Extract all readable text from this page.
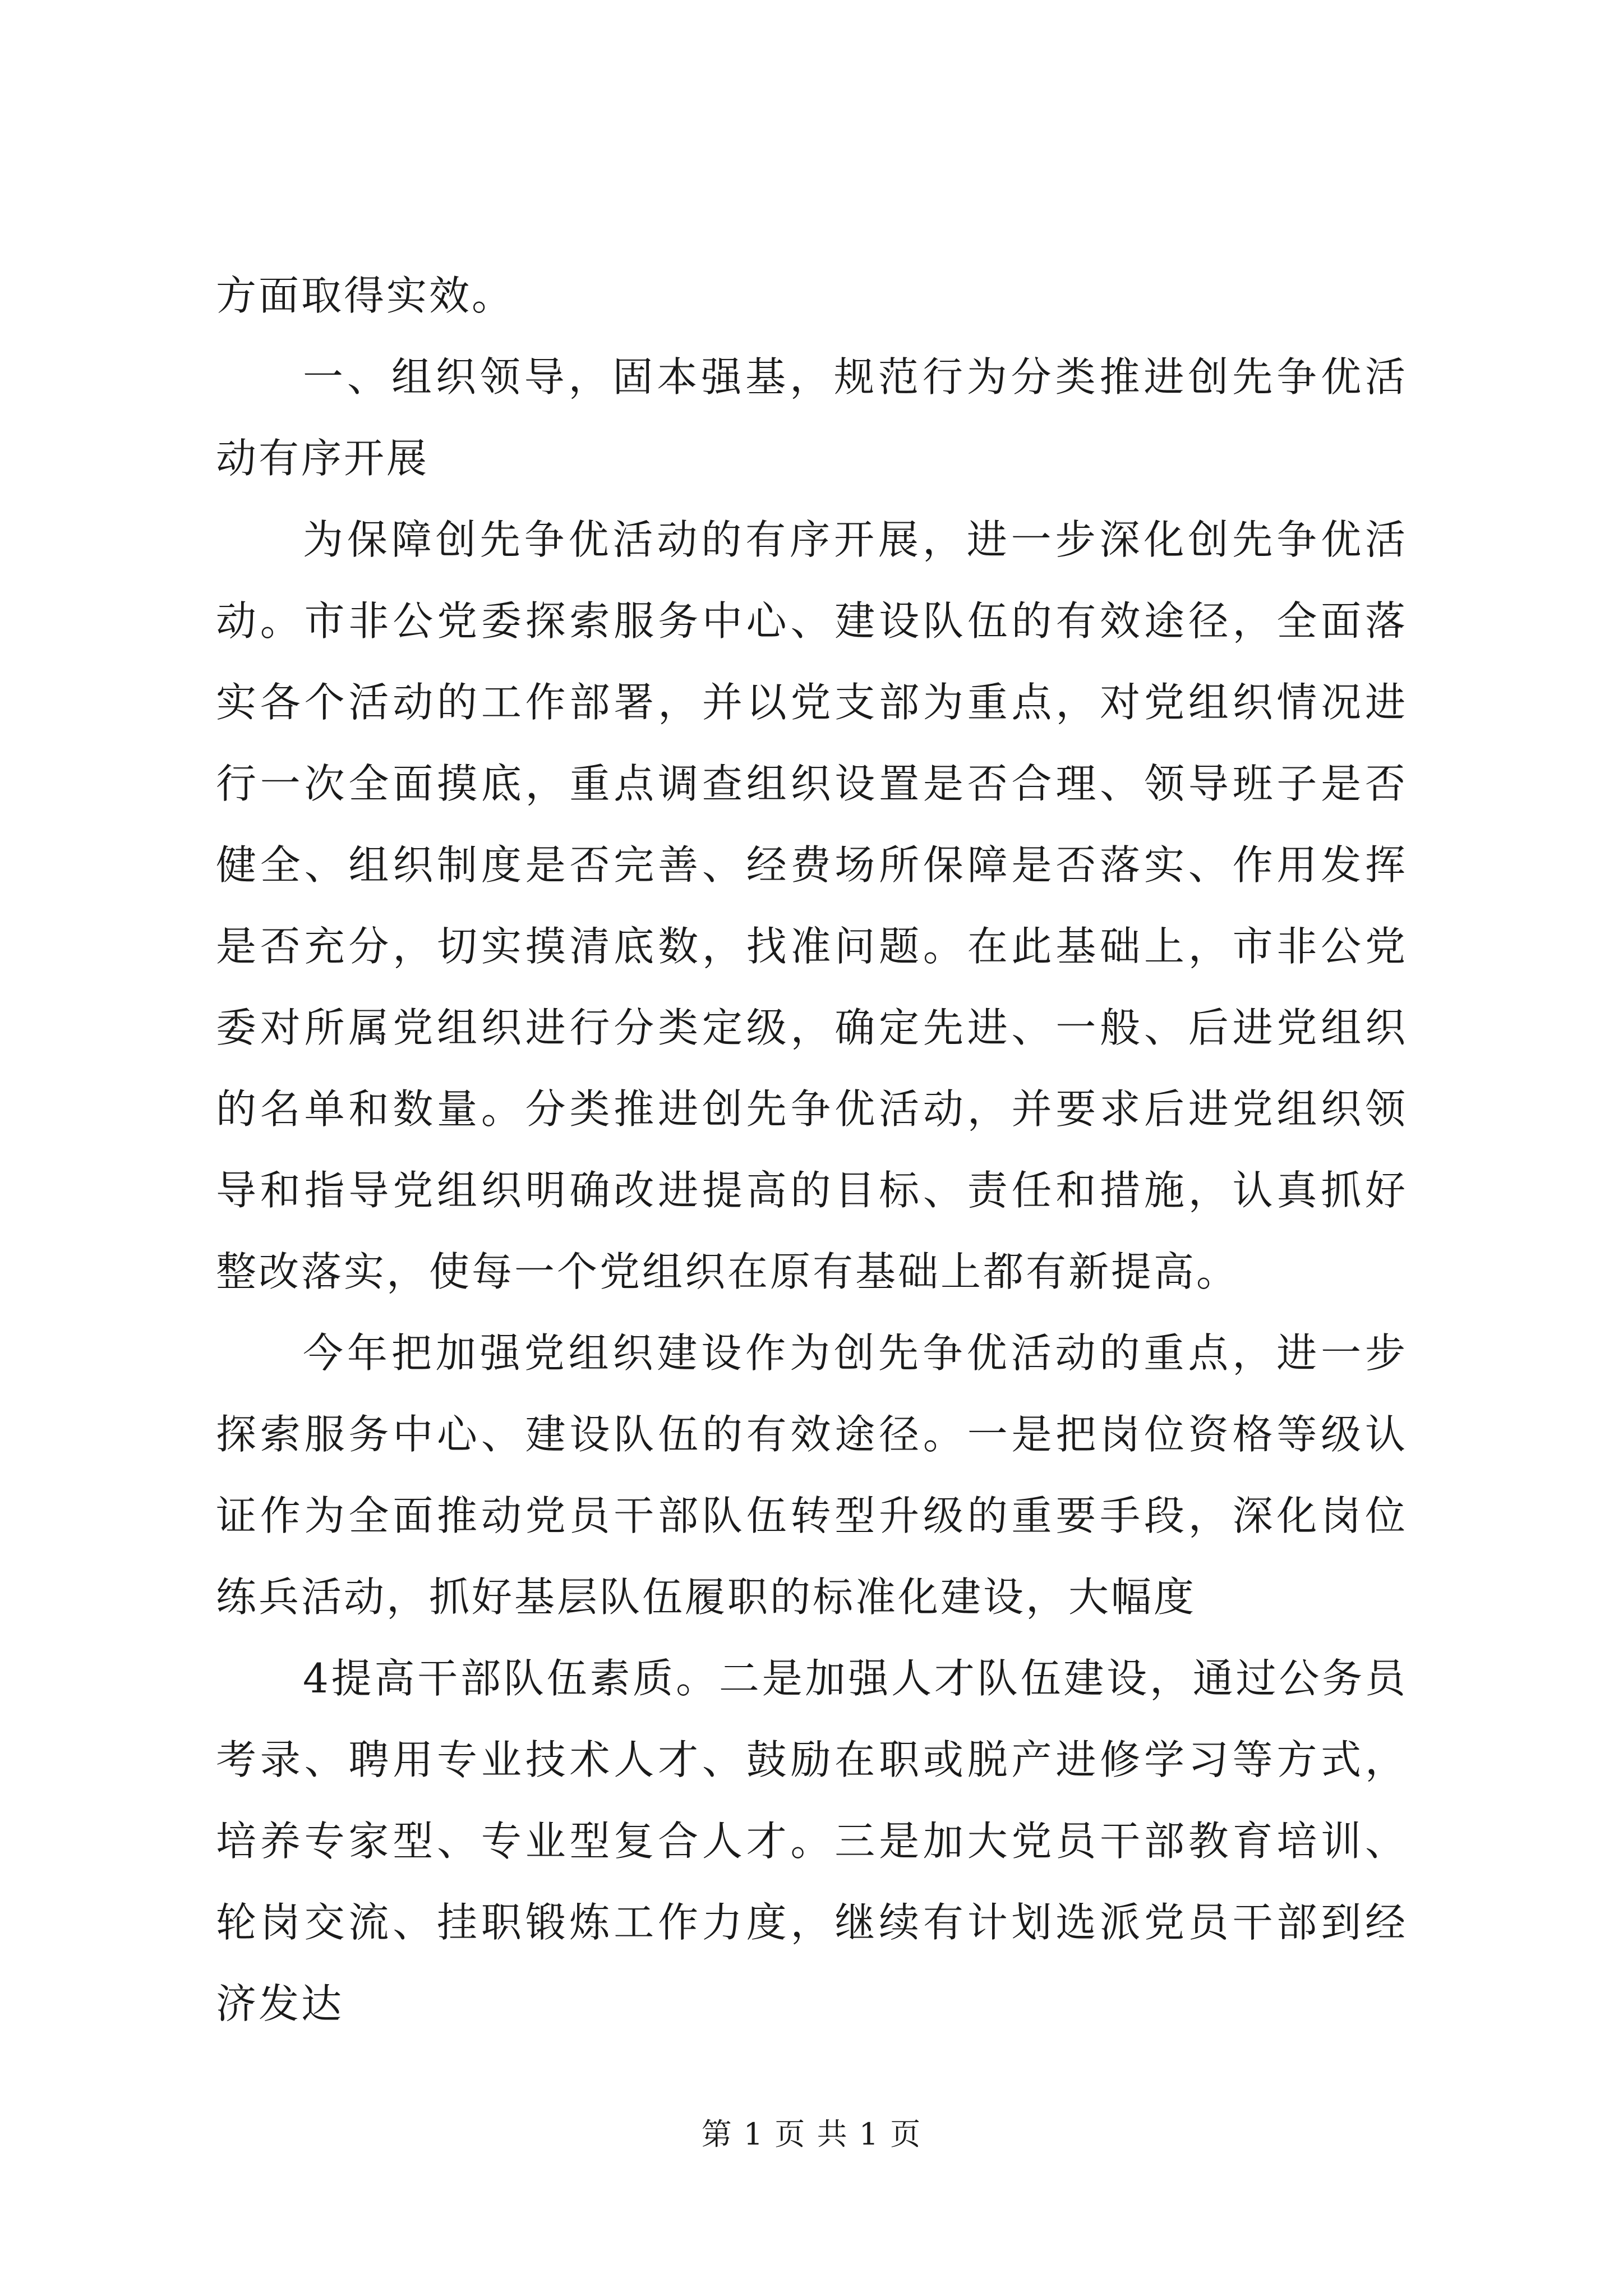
方面取得实效。

一、组织领导，固本强基，规范行为分类推进创先争优活动有序开展

为保障创先争优活动的有序开展，进一步深化创先争优活动。市非公党委探索服务中心、建设队伍的有效途径，全面落实各个活动的工作部署，并以党支部为重点，对党组织情况进行一次全面摸底，重点调查组织设置是否合理、领导班子是否健全、组织制度是否完善、经费场所保障是否落实、作用发挥是否充分，切实摸清底数，找准问题。在此基础上，市非公党委对所属党组织进行分类定级，确定先进、一般、后进党组织的名单和数量。分类推进创先争优活动，并要求后进党组织领导和指导党组织明确改进提高的目标、责任和措施，认真抓好整改落实，使每一个党组织在原有基础上都有新提高。

今年把加强党组织建设作为创先争优活动的重点，进一步探索服务中心、建设队伍的有效途径。一是把岗位资格等级认证作为全面推动党员干部队伍转型升级的重要手段，深化岗位练兵活动，抓好基层队伍履职的标准化建设，大幅度

4提高干部队伍素质。二是加强人才队伍建设，通过公务员考录、聘用专业技术人才、鼓励在职或脱产进修学习等方式，培养专家型、专业型复合人才。三是加大党员干部教育培训、轮岗交流、挂职锻炼工作力度，继续有计划选派党员干部到经济发达

第 1 页 共 1 页
